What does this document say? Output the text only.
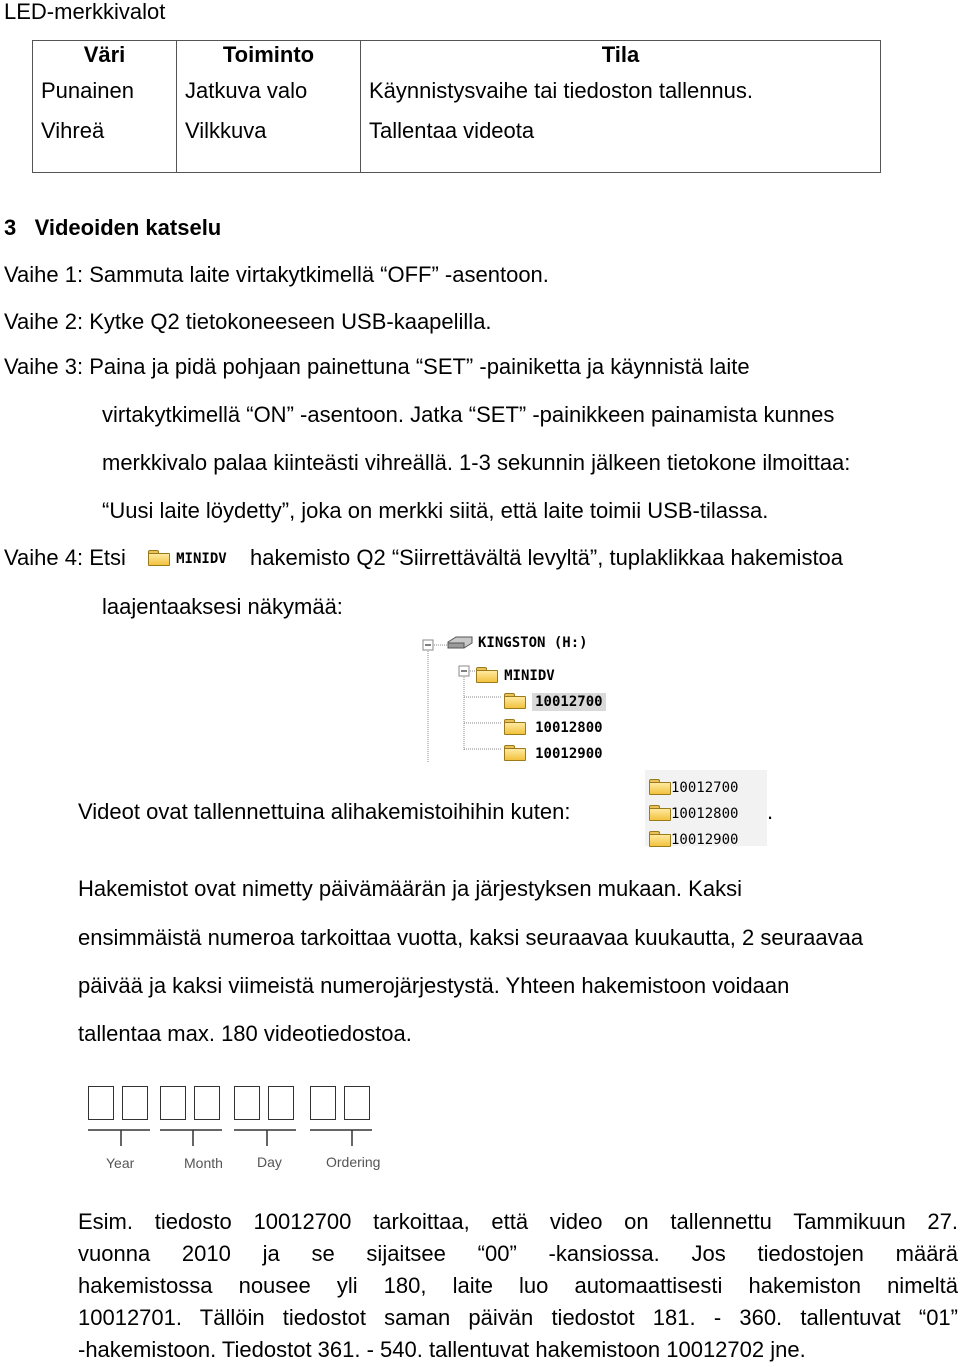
LED-merkkivalot
Väri	Toiminto	Tila
Punainen	Jatkuva valo	Käynnistysvaihe tai tiedoston tallennus.
Vihreä	Vilkkuva	Tallentaa videota
3 Videoiden katselu
Vaihe 1: Sammuta laite virtakytkimellä “OFF” -asentoon.
Vaihe 2: Kytke Q2 tietokoneeseen USB-kaapelilla.
Vaihe 3: Paina ja pidä pohjaan painettuna “SET” -painiketta ja käynnistä laite
virtakytkimellä “ON” -asentoon. Jatka “SET” -painikkeen painamista kunnes
merkkivalo palaa kiinteästi vihreällä. 1-3 sekunnin jälkeen tietokone ilmoittaa:
“Uusi laite löydetty”, joka on merkki siitä, että laite toimii USB-tilassa.
Vaihe 4: Etsi	MINIDV hakemisto Q2 “Siirrettävältä levyltä”, tuplaklikkaa hakemistoa
laajentaaksesi näkymää:
KINGSTON (H:)
MINIDV
10012700
10012800
10012900
Videot ovat tallennettuina alihakemistoihihin kuten:
10012700
10012800
10012900
.
Hakemistot ovat nimetty päivämäärän ja järjestyksen mukaan. Kaksi
ensimmäistä numeroa tarkoittaa vuotta, kaksi seuraavaa kuukautta, 2 seuraavaa
päivää ja kaksi viimeistä numerojärjestystä. Yhteen hakemistoon voidaan
tallentaa max. 180 videotiedostoa.
Year	Month Day	Ordering
Esim. tiedosto 10012700 tarkoittaa, että video on tallennettu Tammikuun 27.
vuonna 2010 ja se sijaitsee “00” -kansiossa. Jos tiedostojen määrä
hakemistossa nousee yli 180, laite luo automaattisesti hakemiston nimeltä
10012701. Tällöin tiedostot saman päivän tiedostot 181. - 360. tallentuvat “01”
-hakemistoon. Tiedostot 361. - 540. tallentuvat hakemistoon 10012702 jne.
